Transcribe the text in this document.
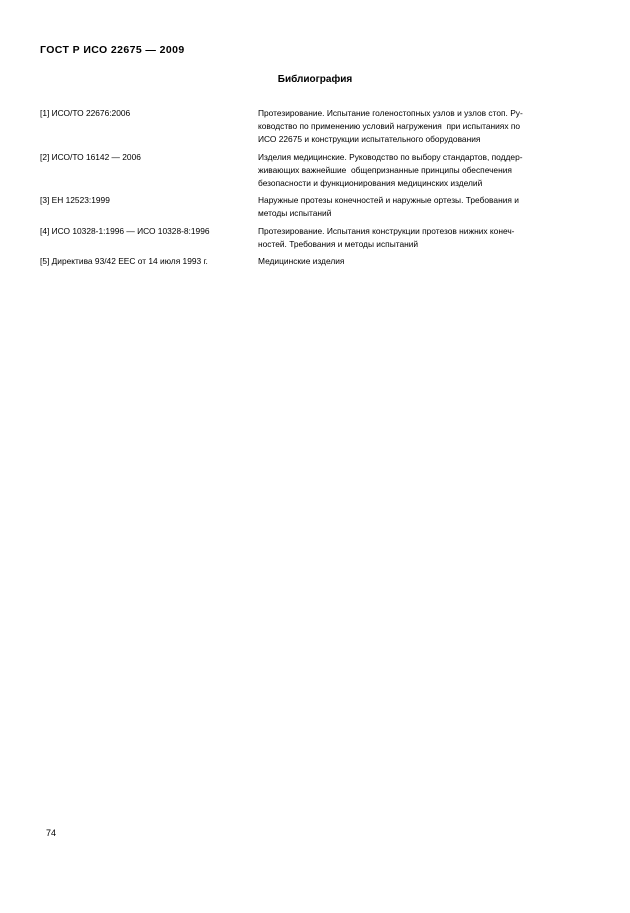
ГОСТ Р ИСО 22675 — 2009
Библиография
[1] ИСО/ТО 22676:2006	Протезирование. Испытание голеностопных узлов и узлов стоп. Ру-
ководство по применению условий нагружения  при испытаниях по
ИСО 22675 и конструкции испытательного оборудования
[2] ИСО/ТО 16142 — 2006	Изделия медицинские. Руководство по выбору стандартов, поддер-
живающих важнейшие  общепризнанные принципы обеспечения
безопасности и функционирования медицинских изделий
[3] ЕН 12523:1999	Наружные протезы конечностей и наружные ортезы. Требования и
методы испытаний
[4] ИСО 10328-1:1996 — ИСО 10328-8:1996	Протезирование. Испытания конструкции протезов нижних конеч-
ностей. Требования и методы испытаний
[5] Директива 93/42 ЕЕС от 14 июля 1993 г.	Медицинские изделия
74
